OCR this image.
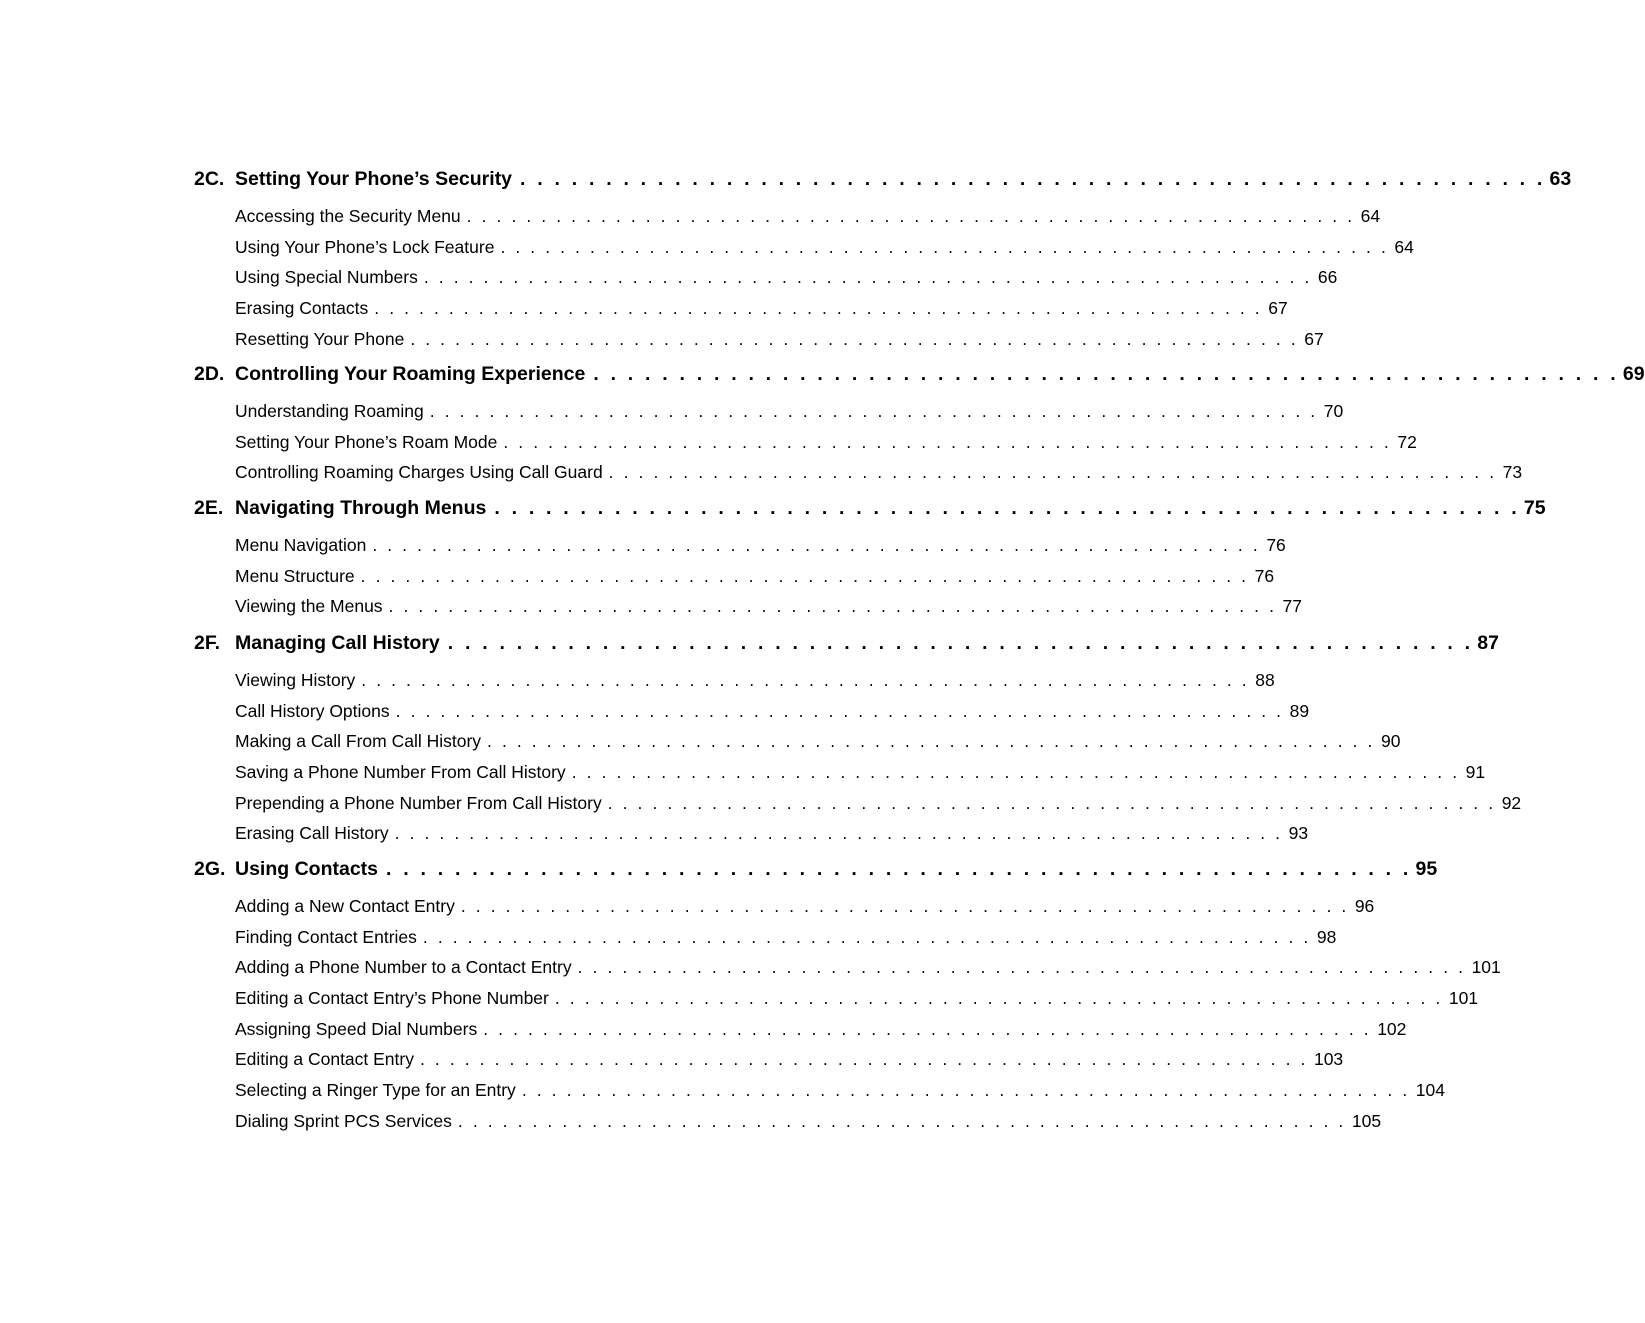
2C. Setting Your Phone’s Security . . . . . . . . . . . . . . . . . . . . . . . . . . . . . . . . . . . . . . . . . . . . . . . . . . . . . . . . . . . . 63
Accessing the Security Menu . . . . . . . . . . . . . . . . . . . . . . . . . . . . . . . . . . . . . . . . . . . . . . . . . . . . . . . . . . . . 64
Using Your Phone’s Lock Feature . . . . . . . . . . . . . . . . . . . . . . . . . . . . . . . . . . . . . . . . . . . . . . . . . . . . . . . . . . . . 64
Using Special Numbers . . . . . . . . . . . . . . . . . . . . . . . . . . . . . . . . . . . . . . . . . . . . . . . . . . . . . . . . . . . . 66
Erasing Contacts . . . . . . . . . . . . . . . . . . . . . . . . . . . . . . . . . . . . . . . . . . . . . . . . . . . . . . . . . . . . 67
Resetting Your Phone . . . . . . . . . . . . . . . . . . . . . . . . . . . . . . . . . . . . . . . . . . . . . . . . . . . . . . . . . . . . 67
2D. Controlling Your Roaming Experience . . . . . . . . . . . . . . . . . . . . . . . . . . . . . . . . . . . . . . . . . . . . . . . . . . . . . . . . . . . . 69
Understanding Roaming . . . . . . . . . . . . . . . . . . . . . . . . . . . . . . . . . . . . . . . . . . . . . . . . . . . . . . . . . . . . 70
Setting Your Phone’s Roam Mode . . . . . . . . . . . . . . . . . . . . . . . . . . . . . . . . . . . . . . . . . . . . . . . . . . . . . . . . . . . . 72
Controlling Roaming Charges Using Call Guard . . . . . . . . . . . . . . . . . . . . . . . . . . . . . . . . . . . . . . . . . . . . . . . . . . . . . . . . . . . . 73
2E. Navigating Through Menus . . . . . . . . . . . . . . . . . . . . . . . . . . . . . . . . . . . . . . . . . . . . . . . . . . . . . . . . . . . . 75
Menu Navigation . . . . . . . . . . . . . . . . . . . . . . . . . . . . . . . . . . . . . . . . . . . . . . . . . . . . . . . . . . . . 76
Menu Structure . . . . . . . . . . . . . . . . . . . . . . . . . . . . . . . . . . . . . . . . . . . . . . . . . . . . . . . . . . . . 76
Viewing the Menus . . . . . . . . . . . . . . . . . . . . . . . . . . . . . . . . . . . . . . . . . . . . . . . . . . . . . . . . . . . . 77
2F. Managing Call History . . . . . . . . . . . . . . . . . . . . . . . . . . . . . . . . . . . . . . . . . . . . . . . . . . . . . . . . . . . . 87
Viewing History . . . . . . . . . . . . . . . . . . . . . . . . . . . . . . . . . . . . . . . . . . . . . . . . . . . . . . . . . . . . 88
Call History Options . . . . . . . . . . . . . . . . . . . . . . . . . . . . . . . . . . . . . . . . . . . . . . . . . . . . . . . . . . . . 89
Making a Call From Call History . . . . . . . . . . . . . . . . . . . . . . . . . . . . . . . . . . . . . . . . . . . . . . . . . . . . . . . . . . . . 90
Saving a Phone Number From Call History . . . . . . . . . . . . . . . . . . . . . . . . . . . . . . . . . . . . . . . . . . . . . . . . . . . . . . . . . . . . 91
Prepending a Phone Number From Call History . . . . . . . . . . . . . . . . . . . . . . . . . . . . . . . . . . . . . . . . . . . . . . . . . . . . . . . . . . . . 92
Erasing Call History . . . . . . . . . . . . . . . . . . . . . . . . . . . . . . . . . . . . . . . . . . . . . . . . . . . . . . . . . . . . 93
2G. Using Contacts . . . . . . . . . . . . . . . . . . . . . . . . . . . . . . . . . . . . . . . . . . . . . . . . . . . . . . . . . . . . 95
Adding a New Contact Entry . . . . . . . . . . . . . . . . . . . . . . . . . . . . . . . . . . . . . . . . . . . . . . . . . . . . . . . . . . . . 96
Finding Contact Entries . . . . . . . . . . . . . . . . . . . . . . . . . . . . . . . . . . . . . . . . . . . . . . . . . . . . . . . . . . . . 98
Adding a Phone Number to a Contact Entry . . . . . . . . . . . . . . . . . . . . . . . . . . . . . . . . . . . . . . . . . . . . . . . . . . . . . . . . . . . . 101
Editing a Contact Entry’s Phone Number . . . . . . . . . . . . . . . . . . . . . . . . . . . . . . . . . . . . . . . . . . . . . . . . . . . . . . . . . . . . 101
Assigning Speed Dial Numbers . . . . . . . . . . . . . . . . . . . . . . . . . . . . . . . . . . . . . . . . . . . . . . . . . . . . . . . . . . . . 102
Editing a Contact Entry . . . . . . . . . . . . . . . . . . . . . . . . . . . . . . . . . . . . . . . . . . . . . . . . . . . . . . . . . . . . 103
Selecting a Ringer Type for an Entry . . . . . . . . . . . . . . . . . . . . . . . . . . . . . . . . . . . . . . . . . . . . . . . . . . . . . . . . . . . . 104
Dialing Sprint PCS Services . . . . . . . . . . . . . . . . . . . . . . . . . . . . . . . . . . . . . . . . . . . . . . . . . . . . . . . . . . . . 105
